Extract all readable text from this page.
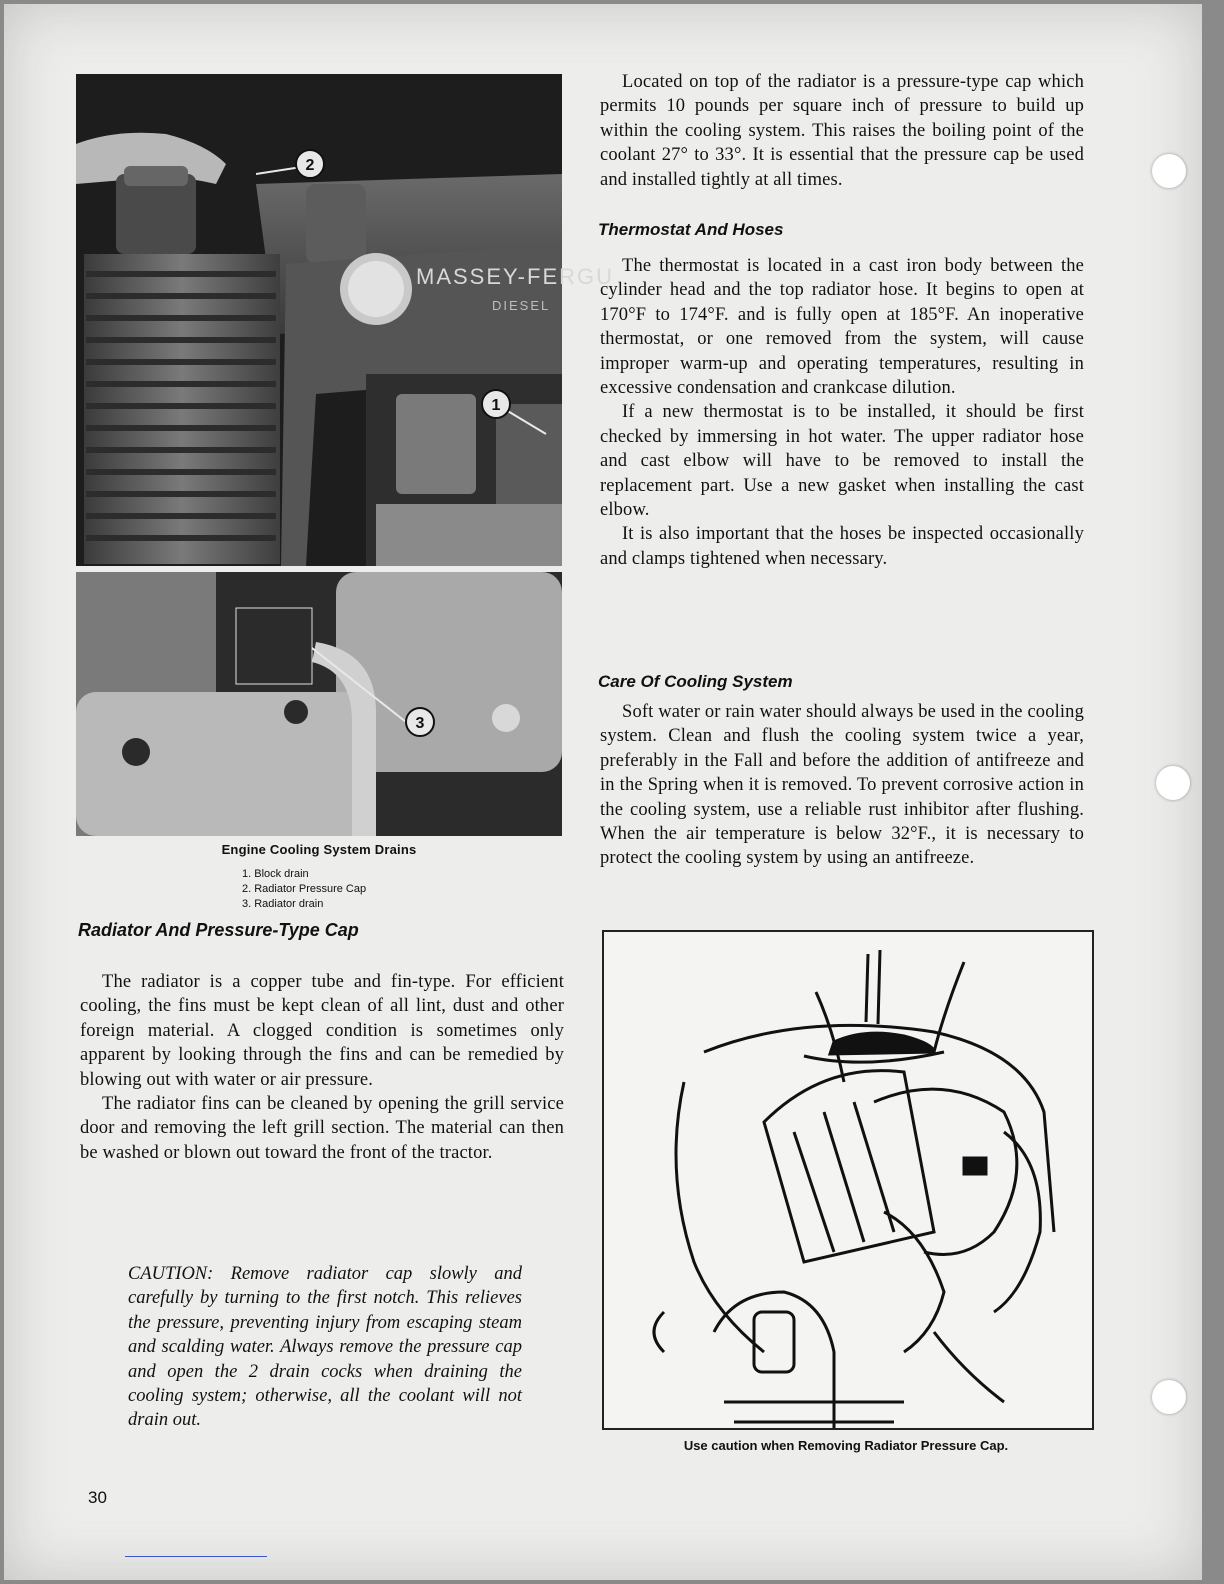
MASSEY-FERGU
DIESEL
2
1
3
Engine Cooling System Drains
1. Block drain
2. Radiator Pressure Cap
3. Radiator drain
Radiator And Pressure-Type Cap

The radiator is a copper tube and fin-type. For efficient cooling, the fins must be kept clean of all lint, dust and other foreign material. A clogged condition is sometimes only apparent by looking through the fins and can be remedied by blowing out with water or air pressure.

The radiator fins can be cleaned by opening the grill service door and removing the left grill section. The material can then be washed or blown out toward the front of the tractor.

CAUTION: Remove radiator cap slowly and carefully by turning to the first notch. This relieves the pressure, preventing injury from escaping steam and scalding water. Always remove the pressure cap and open the 2 drain cocks when draining the cooling system; otherwise, all the coolant will not drain out.

Located on top of the radiator is a pressure-type cap which permits 10 pounds per square inch of pressure to build up within the cooling system. This raises the boiling point of the coolant 27° to 33°. It is essential that the pressure cap be used and installed tightly at all times.

Thermostat And Hoses

The thermostat is located in a cast iron body between the cylinder head and the top radiator hose. It begins to open at 170°F to 174°F. and is fully open at 185°F. An inoperative thermostat, or one removed from the system, will cause improper warm-up and operating temperatures, resulting in excessive condensation and crankcase dilution.

If a new thermostat is to be installed, it should be first checked by immersing in hot water. The upper radiator hose and cast elbow will have to be removed to install the replacement part. Use a new gasket when installing the cast elbow.

It is also important that the hoses be inspected occasionally and clamps tightened when necessary.

Care Of Cooling System

Soft water or rain water should always be used in the cooling system. Clean and flush the cooling system twice a year, preferably in the Fall and before the addition of antifreeze and in the Spring when it is removed. To prevent corrosive action in the cooling system, use a reliable rust inhibitor after flushing. When the air temperature is below 32°F., it is necessary to protect the cooling system by using an antifreeze.

Use caution when Removing Radiator Pressure Cap.
30
